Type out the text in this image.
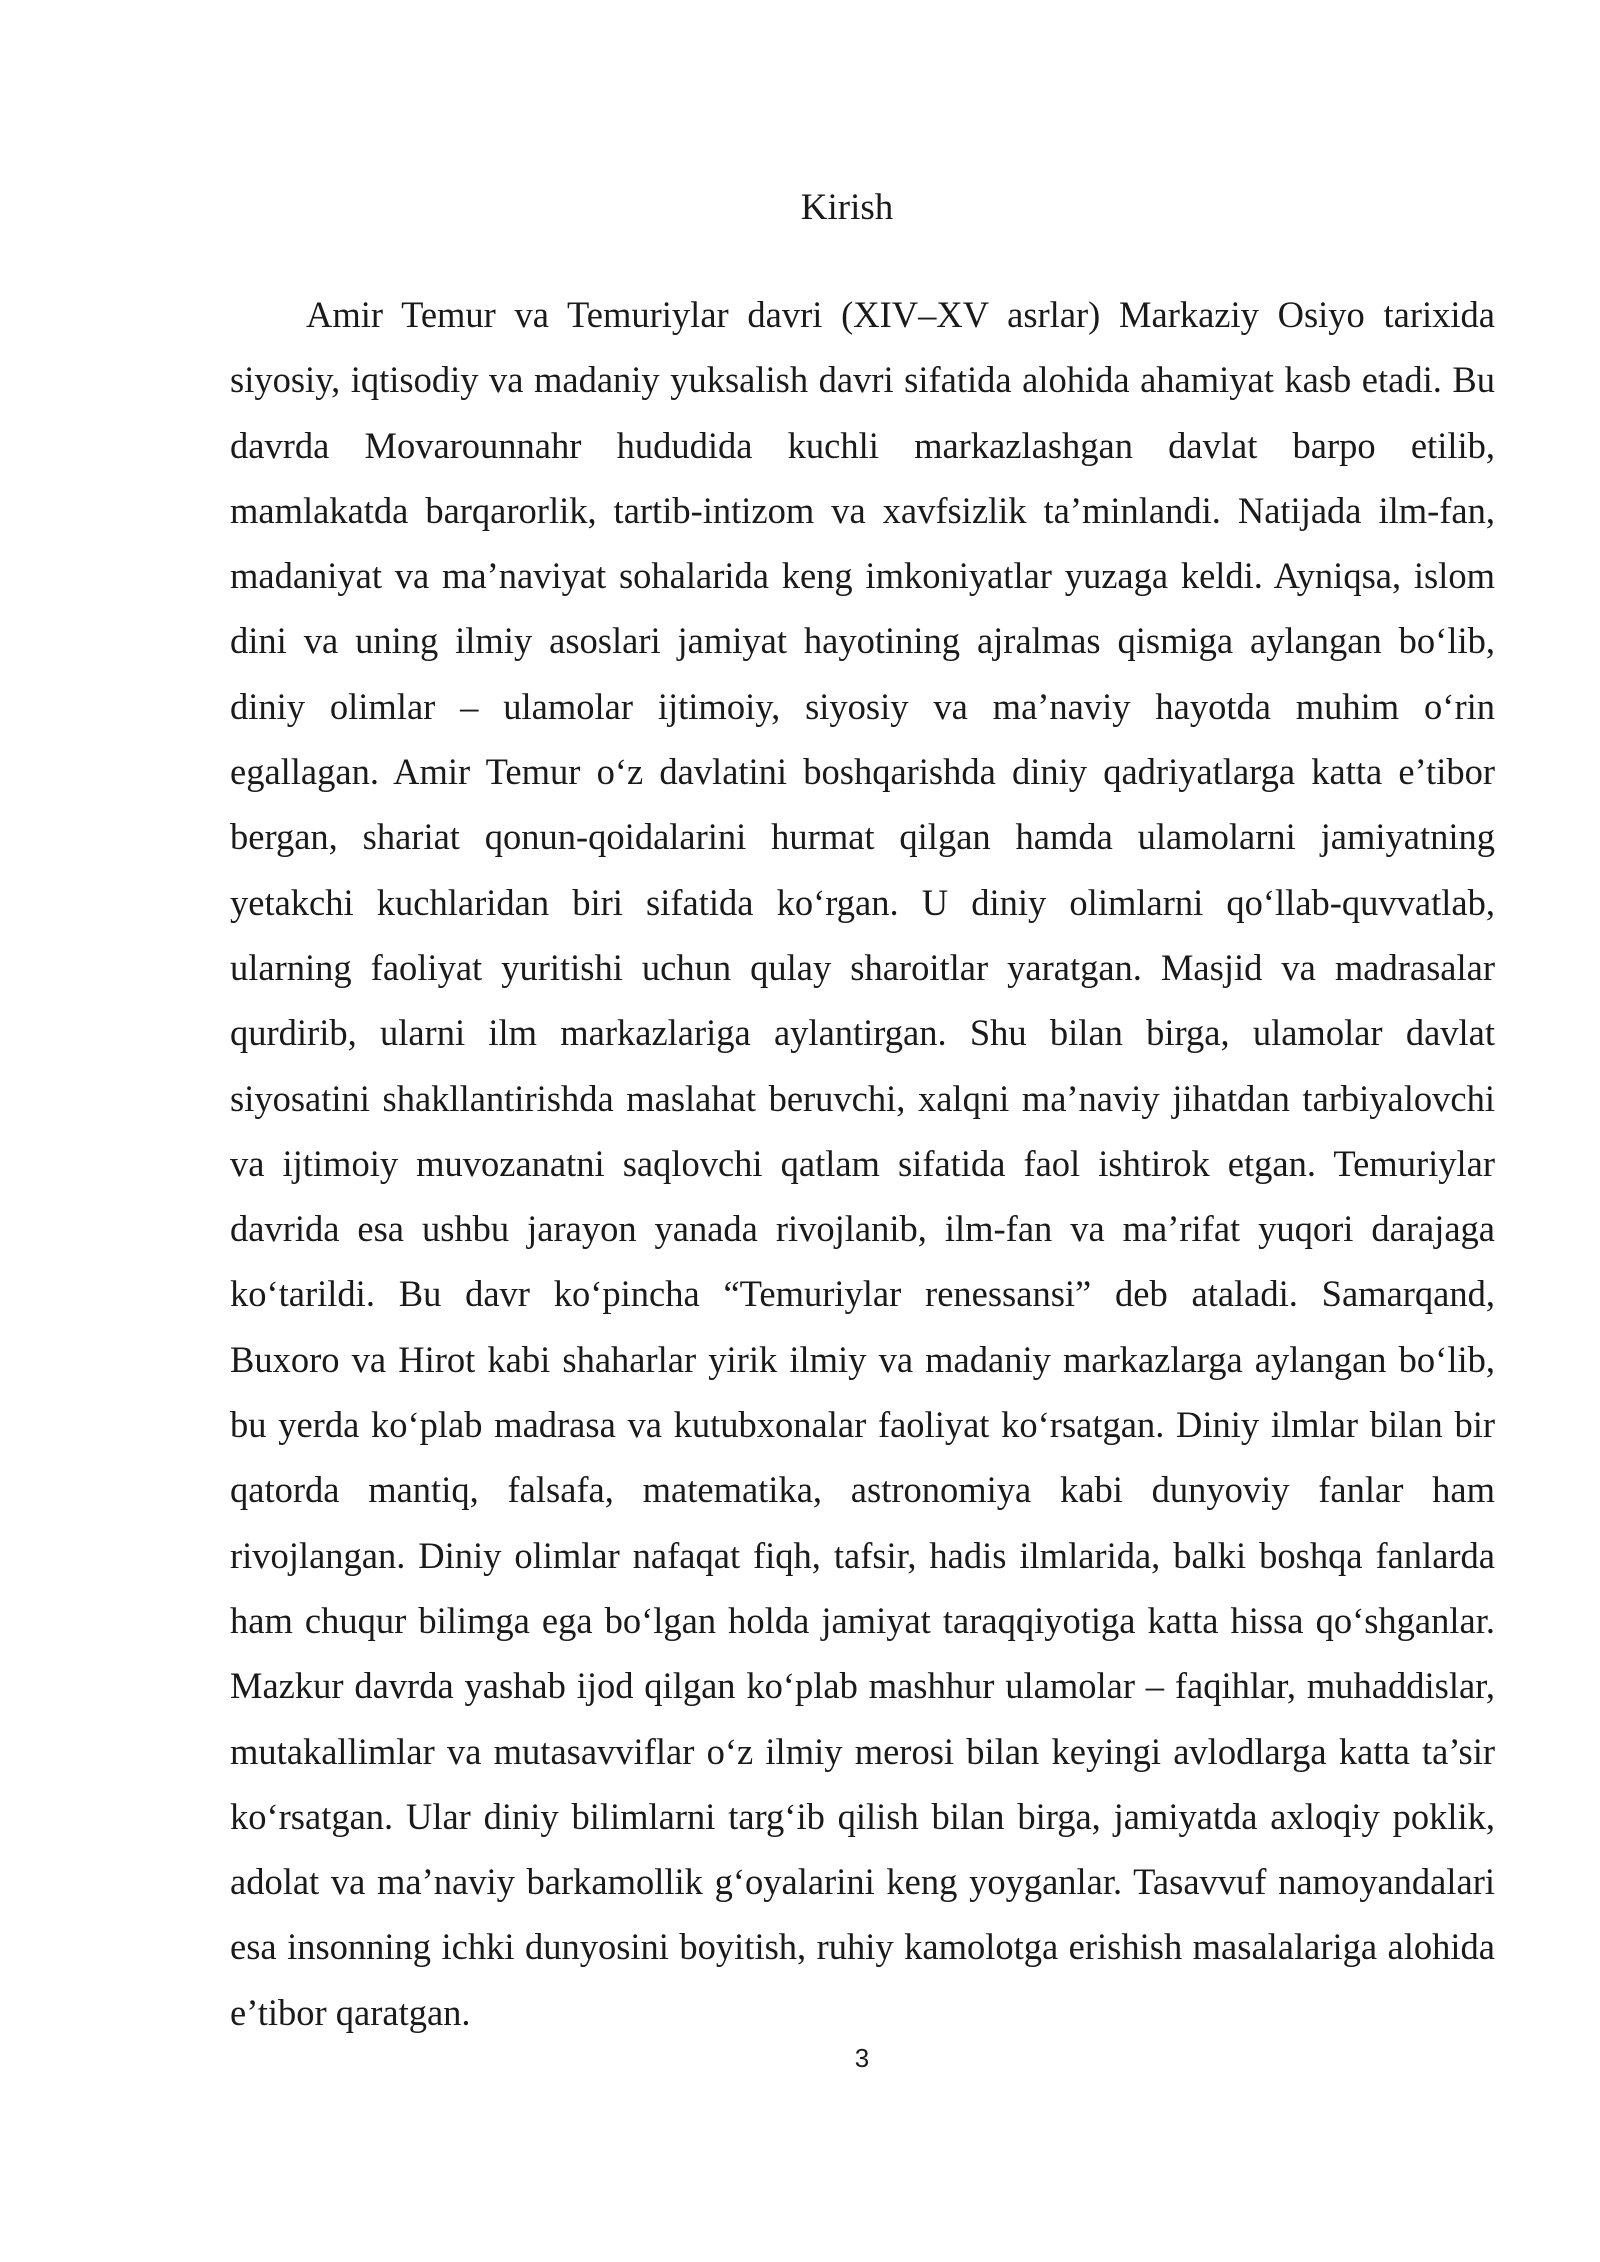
Kirish

Amir Temur va Temuriylar davri (XIV–XV asrlar) Markaziy Osiyo tarixida siyosiy, iqtisodiy va madaniy yuksalish davri sifatida alohida ahamiyat kasb etadi. Bu davrda Movarounnahr hududida kuchli markazlashgan davlat barpo etilib, mamlakatda barqarorlik, tartib-intizom va xavfsizlik ta’minlandi. Natijada ilm-fan, madaniyat va ma’naviyat sohalarida keng imkoniyatlar yuzaga keldi. Ayniqsa, islom dini va uning ilmiy asoslari jamiyat hayotining ajralmas qismiga aylangan bo‘lib, diniy olimlar – ulamolar ijtimoiy, siyosiy va ma’naviy hayotda muhim o‘rin egallagan. Amir Temur o‘z davlatini boshqarishda diniy qadriyatlarga katta e’tibor bergan, shariat qonun-qoidalarini hurmat qilgan hamda ulamolarni jamiyatning yetakchi kuchlaridan biri sifatida ko‘rgan. U diniy olimlarni qo‘llab-quvvatlab, ularning faoliyat yuritishi uchun qulay sharoitlar yaratgan. Masjid va madrasalar qurdirib, ularni ilm markazlariga aylantirgan. Shu bilan birga, ulamolar davlat siyosatini shakllantirishda maslahat beruvchi, xalqni ma’naviy jihatdan tarbiyalovchi va ijtimoiy muvozanatni saqlovchi qatlam sifatida faol ishtirok etgan. Temuriylar davrida esa ushbu jarayon yanada rivojlanib, ilm-fan va ma’rifat yuqori darajaga ko‘tarildi. Bu davr ko‘pincha “Temuriylar renessansi” deb ataladi. Samarqand, Buxoro va Hirot kabi shaharlar yirik ilmiy va madaniy markazlarga aylangan bo‘lib, bu yerda ko‘plab madrasa va kutubxonalar faoliyat ko‘rsatgan. Diniy ilmlar bilan bir qatorda mantiq, falsafa, matematika, astronomiya kabi dunyoviy fanlar ham rivojlangan. Diniy olimlar nafaqat fiqh, tafsir, hadis ilmlarida, balki boshqa fanlarda ham chuqur bilimga ega bo‘lgan holda jamiyat taraqqiyotiga katta hissa qo‘shganlar. Mazkur davrda yashab ijod qilgan ko‘plab mashhur ulamolar – faqihlar, muhaddislar, mutakallimlar va mutasavviflar o‘z ilmiy merosi bilan keyingi avlodlarga katta ta’sir ko‘rsatgan. Ular diniy bilimlarni targ‘ib qilish bilan birga, jamiyatda axloqiy poklik, adolat va ma’naviy barkamollik g‘oyalarini keng yoyganlar. Tasavvuf namoyandalari esa insonning ichki dunyosini boyitish, ruhiy kamolotga erishish masalalariga alohida e’tibor qaratgan.

3
